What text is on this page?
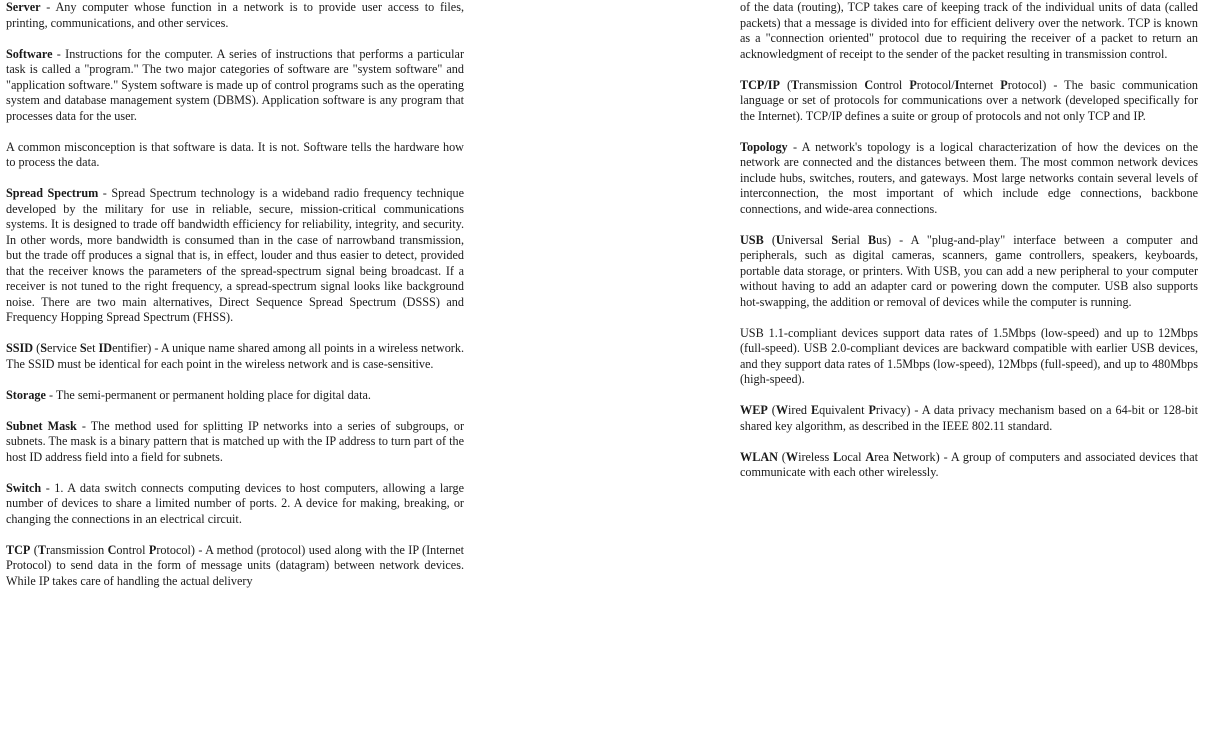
Server - Any computer whose function in a network is to provide user access to files, printing, communications, and other services.

Software - Instructions for the computer. A series of instructions that performs a particular task is called a "program." The two major categories of software are "system software" and "application software." System software is made up of control programs such as the operating system and database management system (DBMS). Application software is any program that processes data for the user.

A common misconception is that software is data. It is not. Software tells the hardware how to process the data.

Spread Spectrum - Spread Spectrum technology is a wideband radio frequency technique developed by the military for use in reliable, secure, mission-critical communications systems. It is designed to trade off bandwidth efficiency for reliability, integrity, and security. In other words, more bandwidth is consumed than in the case of narrowband transmission, but the trade off produces a signal that is, in effect, louder and thus easier to detect, provided that the receiver knows the parameters of the spread-spectrum signal being broadcast. If a receiver is not tuned to the right frequency, a spread-spectrum signal looks like background noise. There are two main alternatives, Direct Sequence Spread Spectrum (DSSS) and Frequency Hopping Spread Spectrum (FHSS).

SSID (Service Set IDentifier) - A unique name shared among all points in a wireless network. The SSID must be identical for each point in the wireless network and is case-sensitive.

Storage - The semi-permanent or permanent holding place for digital data.

Subnet Mask - The method used for splitting IP networks into a series of subgroups, or subnets. The mask is a binary pattern that is matched up with the IP address to turn part of the host ID address field into a field for subnets.

Switch - 1. A data switch connects computing devices to host computers, allowing a large number of devices to share a limited number of ports. 2. A device for making, breaking, or changing the connections in an electrical circuit.

TCP (Transmission Control Protocol) - A method (protocol) used along with the IP (Internet Protocol) to send data in the form of message units (datagram) between network devices. While IP takes care of handling the actual delivery

of the data (routing), TCP takes care of keeping track of the individual units of data (called packets) that a message is divided into for efficient delivery over the network. TCP is known as a "connection oriented" protocol due to requiring the receiver of a packet to return an acknowledgment of receipt to the sender of the packet resulting in transmission control.

TCP/IP (Transmission Control Protocol/Internet Protocol) - The basic communication language or set of protocols for communications over a network (developed specifically for the Internet). TCP/IP defines a suite or group of protocols and not only TCP and IP.

Topology - A network's topology is a logical characterization of how the devices on the network are connected and the distances between them. The most common network devices include hubs, switches, routers, and gateways. Most large networks contain several levels of interconnection, the most important of which include edge connections, backbone connections, and wide-area connections.

USB (Universal Serial Bus) - A "plug-and-play" interface between a computer and peripherals, such as digital cameras, scanners, game controllers, speakers, keyboards, portable data storage, or printers. With USB, you can add a new peripheral to your computer without having to add an adapter card or powering down the computer. USB also supports hot-swapping, the addition or removal of devices while the computer is running.

USB 1.1-compliant devices support data rates of 1.5Mbps (low-speed) and up to 12Mbps (full-speed). USB 2.0-compliant devices are backward compatible with earlier USB devices, and they support data rates of 1.5Mbps (low-speed), 12Mbps (full-speed), and up to 480Mbps (high-speed).

WEP (Wired Equivalent Privacy) - A data privacy mechanism based on a 64-bit or 128-bit shared key algorithm, as described in the IEEE 802.11 standard.

WLAN (Wireless Local Area Network) - A group of computers and associated devices that communicate with each other wirelessly.
